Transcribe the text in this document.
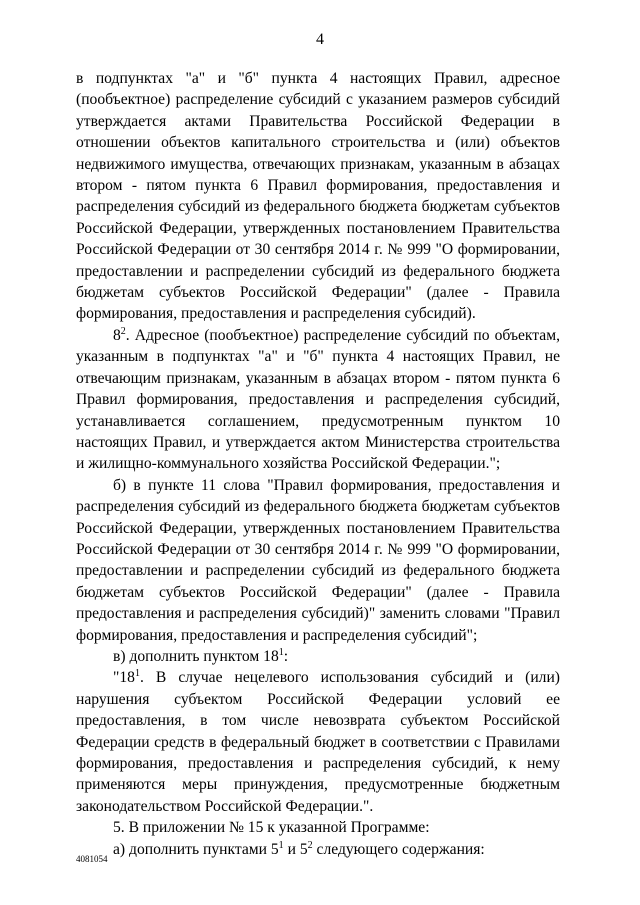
4

в подпунктах "а" и "б" пункта 4 настоящих Правил, адресное (пообъектное) распределение субсидий с указанием размеров субсидий утверждается актами Правительства Российской Федерации в отношении объектов капитального строительства и (или) объектов недвижимого имущества, отвечающих признакам, указанным в абзацах втором - пятом пункта 6 Правил формирования, предоставления и распределения субсидий из федерального бюджета бюджетам субъектов Российской Федерации, утвержденных постановлением Правительства Российской Федерации от 30 сентября 2014 г. № 999 "О формировании, предоставлении и распределении субсидий из федерального бюджета бюджетам субъектов Российской Федерации" (далее - Правила формирования, предоставления и распределения субсидий).

$8^2$. Адресное (пообъектное) распределение субсидий по объектам, указанным в подпунктах "а" и "б" пункта 4 настоящих Правил, не отвечающим признакам, указанным в абзацах втором - пятом пункта 6 Правил формирования, предоставления и распределения субсидий, устанавливается соглашением, предусмотренным пунктом 10 настоящих Правил, и утверждается актом Министерства строительства и жилищно-коммунального хозяйства Российской Федерации.";

б) в пункте 11 слова "Правил формирования, предоставления и распределения субсидий из федерального бюджета бюджетам субъектов Российской Федерации, утвержденных постановлением Правительства Российской Федерации от 30 сентября 2014 г. № 999 "О формировании, предоставлении и распределении субсидий из федерального бюджета бюджетам субъектов Российской Федерации" (далее - Правила предоставления и распределения субсидий)" заменить словами "Правил формирования, предоставления и распределения субсидий";

в) дополнить пунктом $18^1$:

"$18^1$. В случае нецелевого использования субсидий и (или) нарушения субъектом Российской Федерации условий ее предоставления, в том числе невозврата субъектом Российской Федерации средств в федеральный бюджет в соответствии с Правилами формирования, предоставления и распределения субсидий, к нему применяются меры принуждения, предусмотренные бюджетным законодательством Российской Федерации.".

5. В приложении № 15 к указанной Программе:

а) дополнить пунктами $5^1$ и $5^2$ следующего содержания:

4081054
